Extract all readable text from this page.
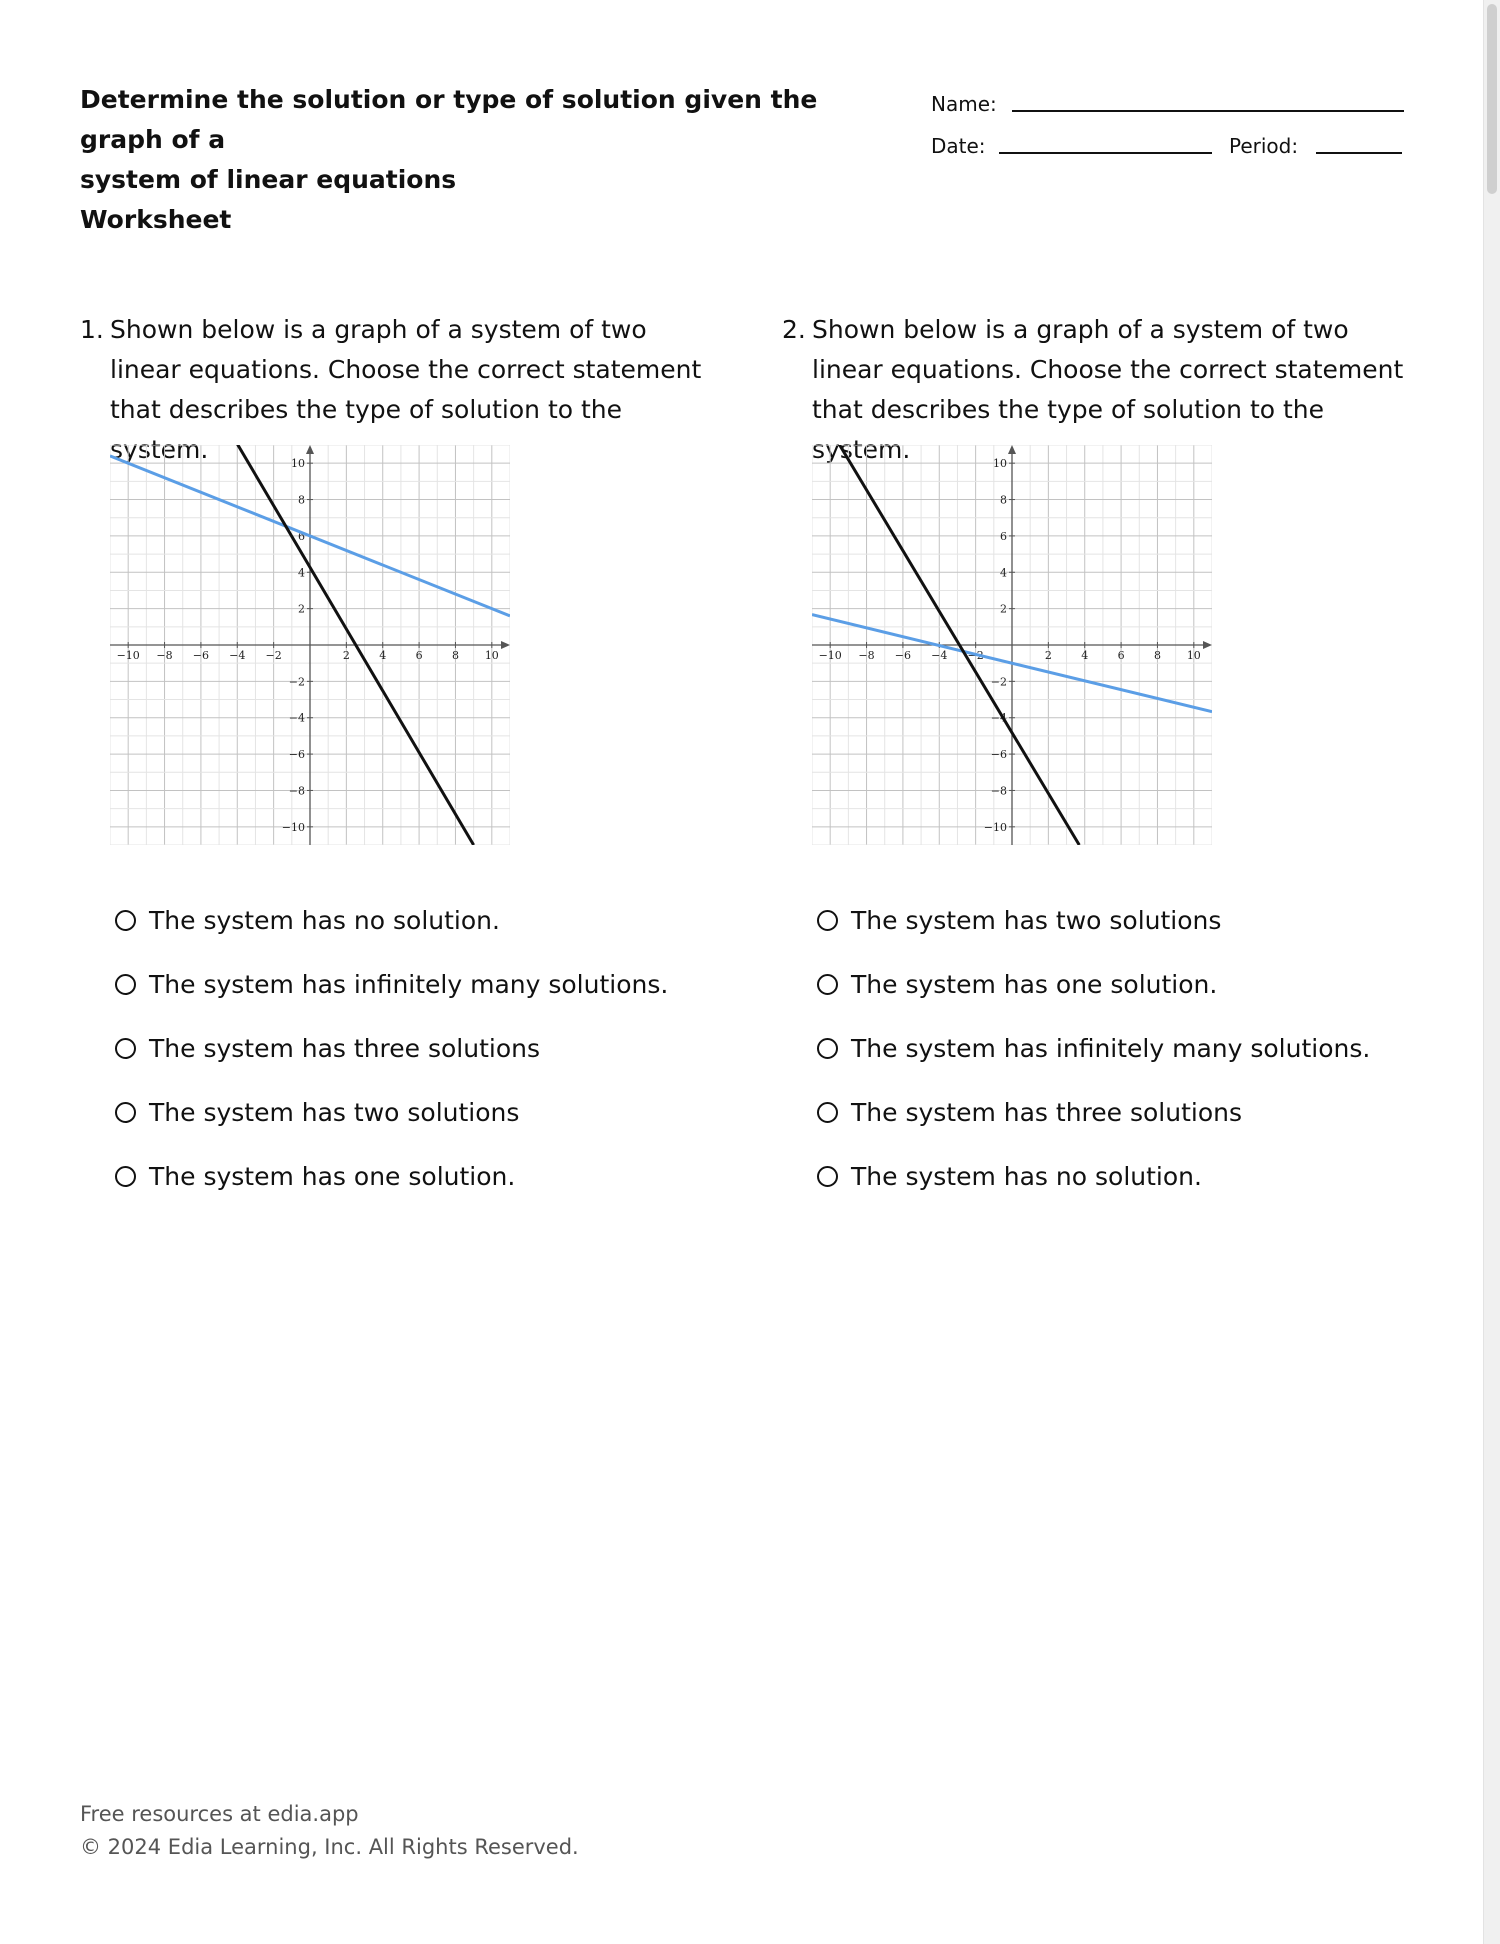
Determine the solution or type of solution given the graph of a
system of linear equations
Worksheet
Name:
Date:	Period:
1. Shown below is a graph of a system of two
linear equations. Choose the correct statement
that describes the type of solution to the system.
−10 −8 −6 −4 −2	2	4	6	8 10
10
8
6
4
2
−2
−4
−6
−8
−10
The system has no solution.
The system has infinitely many solutions.
The system has three solutions
The system has two solutions
The system has one solution.
2. Shown below is a graph of a system of two
linear equations. Choose the correct statement
that describes the type of solution to the system.
−10 −8 −6 −4 −2	2	4	6	8 10
10
8
6
4
2
−2
−4
−6
−8
−10
The system has two solutions
The system has one solution.
The system has infinitely many solutions.
The system has three solutions
The system has no solution.
Free resources at edia.app
© 2024 Edia Learning, Inc. All Rights Reserved.
